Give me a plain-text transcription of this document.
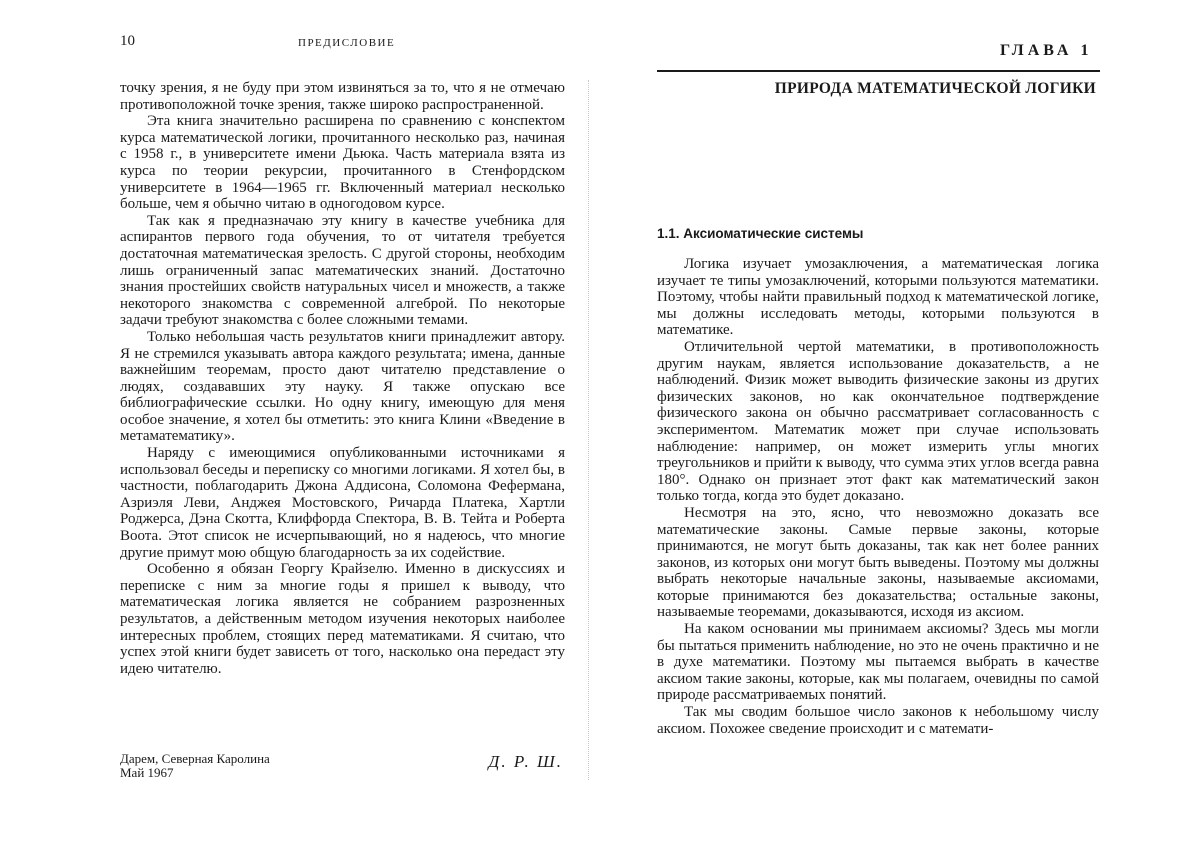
10	ПРЕДИСЛОВИЕ

точку зрения, я не буду при этом извиняться за то, что я не отмечаю противоположной точке зрения, также широко распространенной.

Эта книга значительно расширена по сравнению с конспектом курса математической логики, прочитанного несколько раз, начиная с 1958 г., в университете имени Дьюка. Часть материала взята из курса по теории рекурсии, прочитанного в Стенфордском университете в 1964—1965 гг. Включенный материал несколько больше, чем я обычно читаю в одногодовом курсе.

Так как я предназначаю эту книгу в качестве учебника для аспирантов первого года обучения, то от читателя требуется достаточная математическая зрелость. С другой стороны, необходим лишь ограниченный запас математических знаний. Достаточно знания простейших свойств натуральных чисел и множеств, а также некоторого знакомства с современной алгеброй. По некоторые задачи требуют знакомства с более сложными темами.

Только небольшая часть результатов книги принадлежит автору. Я не стремился указывать автора каждого результата; имена, данные важнейшим теоремам, просто дают читателю представление о людях, создававших эту науку. Я также опускаю все библиографические ссылки. Но одну книгу, имеющую для меня особое значение, я хотел бы отметить: это книга Клини «Введение в метаматематику».

Наряду с имеющимися опубликованными источниками я использовал беседы и переписку со многими логиками. Я хотел бы, в частности, поблагодарить Джона Аддисона, Соломона Фефермана, Азриэля Леви, Анджея Мостовского, Ричарда Платека, Хартли Роджерса, Дэна Скотта, Клиффорда Спектора, В. В. Тейта и Роберта Воота. Этот список не исчерпывающий, но я надеюсь, что многие другие примут мою общую благодарность за их содействие.

Особенно я обязан Георгу Крайзелю. Именно в дискуссиях и переписке с ним за многие годы я пришел к выводу, что математическая логика является не собранием разрозненных результатов, а действенным методом изучения некоторых наиболее интересных проблем, стоящих перед математиками. Я считаю, что успех этой книги будет зависеть от того, насколько она передаст эту идею читателю.

Дарем, Северная Каролина
Май 1967
Д. Р. Ш.
ГЛАВА 1
ПРИРОДА МАТЕМАТИЧЕСКОЙ ЛОГИКИ
1.1. Аксиоматические системы

Логика изучает умозаключения, а математическая логика изучает те типы умозаключений, которыми пользуются математики. Поэтому, чтобы найти правильный подход к математической логике, мы должны исследовать методы, которыми пользуются в математике.

Отличительной чертой математики, в противоположность другим наукам, является использование доказательств, а не наблюдений. Физик может выводить физические законы из других физических законов, но как окончательное подтверждение физического закона он обычно рассматривает согласованность с экспериментом. Математик может при случае использовать наблюдение: например, он может измерить углы многих треугольников и прийти к выводу, что сумма этих углов всегда равна 180°. Однако он признает этот факт как математический закон только тогда, когда это будет доказано.

Несмотря на это, ясно, что невозможно доказать все математические законы. Самые первые законы, которые принимаются, не могут быть доказаны, так как нет более ранних законов, из которых они могут быть выведены. Поэтому мы должны выбрать некоторые начальные законы, называемые аксиомами, которые принимаются без доказательства; остальные законы, называемые теоремами, доказываются, исходя из аксиом.

На каком основании мы принимаем аксиомы? Здесь мы могли бы пытаться применить наблюдение, но это не очень практично и не в духе математики. Поэтому мы пытаемся выбрать в качестве аксиом такие законы, которые, как мы полагаем, очевидны по самой природе рассматриваемых понятий.

Так мы сводим большое число законов к небольшому числу аксиом. Похожее сведение происходит и с математи-
